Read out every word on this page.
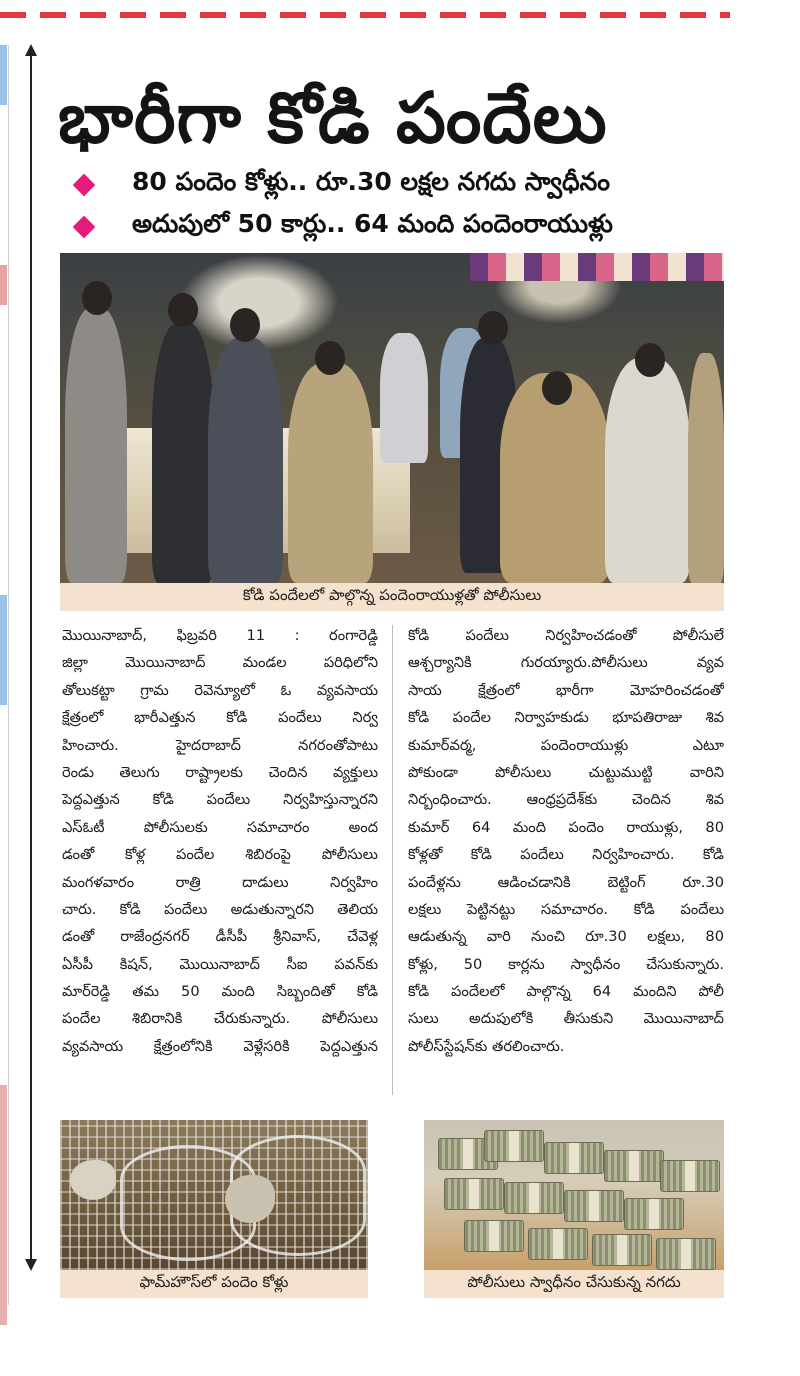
భారీగా కోడి పందేలు
80 పందెం కోళ్లు.. రూ.30 లక్షల నగదు స్వాధీనం
అదుపులో 50 కార్లు.. 64 మంది పందెంరాయుళ్లు
కోడి పందేలలో పాల్గొన్న పందెంరాయుళ్లతో పోలీసులు
మొయినాబాద్, ఫిబ్రవరి 11 : రంగారెడ్డి
జిల్లా మొయినాబాద్ మండల పరిధిలోని
తోలుకట్టా గ్రామ రెవెన్యూలో ఓ వ్యవసాయ
క్షేత్రంలో భారీఎత్తున కోడి పందేలు నిర్వ
హించారు. హైదరాబాద్ నగరంతోపాటు
రెండు తెలుగు రాష్ట్రాలకు చెందిన వ్యక్తులు
పెద్దఎత్తున కోడి పందేలు నిర్వహిస్తున్నారని
ఎస్ఓటీ పోలీసులకు సమాచారం అంద
డంతో కోళ్ల పందేల శిబిరంపై పోలీసులు
మంగళవారం రాత్రి దాడులు నిర్వహిం
చారు. కోడి పందేలు అడుతున్నారని తెలియ
డంతో రాజేంద్రనగర్ డీసీపీ శ్రీనివాస్, చేవెళ్ల
ఏసీపీ కిషన్, మొయినాబాద్ సీఐ పవన్‌కు
మార్‌రెడ్డి తమ 50 మంది సిబ్బందితో కోడి
పందేల శిబిరానికి చేరుకున్నారు. పోలీసులు
వ్యవసాయ క్షేత్రంలోనికి వెళ్లేసరికి పెద్దఎత్తున
కోడి పందేలు నిర్వహించడంతో పోలీసులే
ఆశ్చర్యానికి గురయ్యారు.పోలీసులు వ్యవ
సాయ క్షేత్రంలో భారీగా మోహరించడంతో
కోడి పందేల నిర్వాహకుడు భూపతిరాజు శివ
కుమార్‌వర్మ, పందెంరాయుళ్లు ఎటూ
పోకుండా పోలీసులు చుట్టుముట్టి వారిని
నిర్బంధించారు. ఆంధ్రప్రదేశ్‌కు చెందిన శివ
కుమార్ 64 మంది పందెం రాయుళ్లు, 80
కోళ్లతో కోడి పందేలు నిర్వహించారు. కోడి
పందేళ్లను ఆడించడానికి బెట్టింగ్ రూ.30
లక్షలు పెట్టినట్టు సమాచారం. కోడి పందేలు
ఆడుతున్న వారి నుంచి రూ.30 లక్షలు, 80
కోళ్లు, 50 కార్లను స్వాధీనం చేసుకున్నారు.
కోడి పందేలలో పాల్గొన్న 64 మందిని పోలీ
సులు అదుపులోకి తీసుకుని మొయినాబాద్
పోలీస్‌స్టేషన్‌కు తరలించారు.
ఫామ్‌హౌస్‌లో పందెం కోళ్లు	పోలీసులు స్వాధీనం చేసుకున్న నగదు
